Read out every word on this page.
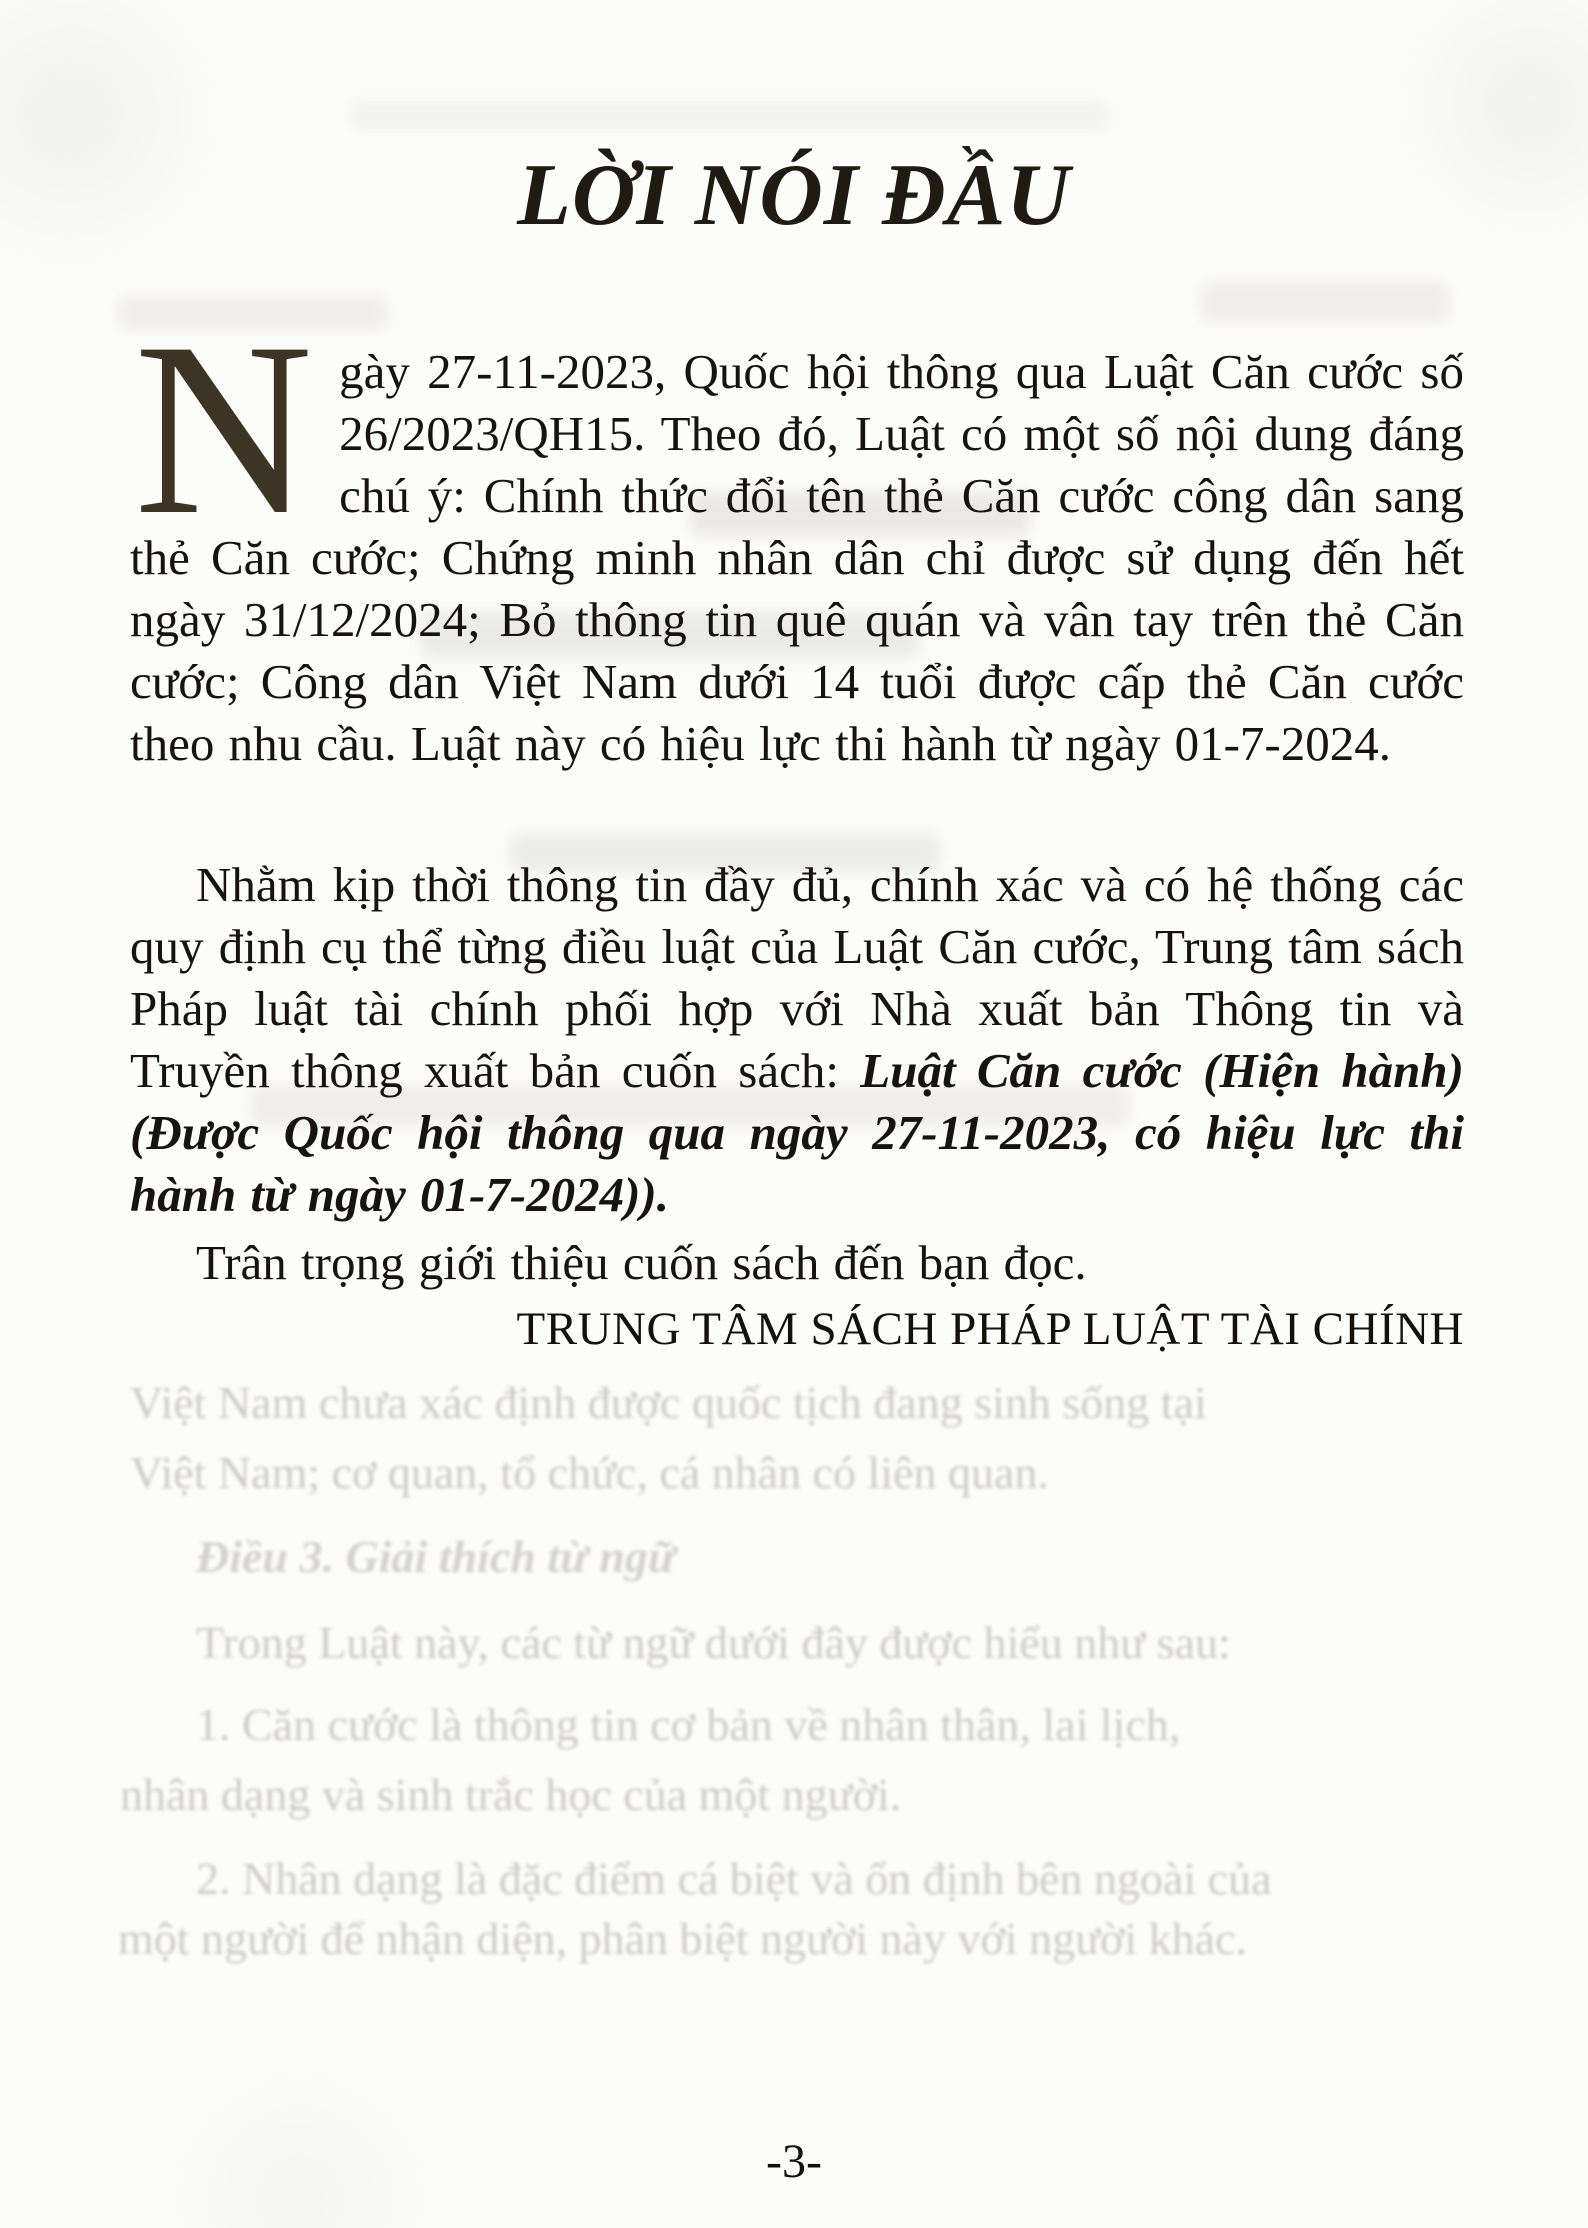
LỜI NÓI ĐẦU
Ngày 27-11-2023, Quốc hội thông qua Luật Căn cước số 26/2023/QH15. Theo đó, Luật có một số nội dung đáng chú ý: Chính thức đổi tên thẻ Căn cước công dân sang thẻ Căn cước; Chứng minh nhân dân chỉ được sử dụng đến hết ngày 31/12/2024; Bỏ thông tin quê quán và vân tay trên thẻ Căn cước; Công dân Việt Nam dưới 14 tuổi được cấp thẻ Căn cước theo nhu cầu. Luật này có hiệu lực thi hành từ ngày 01-7-2024.
Nhằm kịp thời thông tin đầy đủ, chính xác và có hệ thống các quy định cụ thể từng điều luật của Luật Căn cước, Trung tâm sách Pháp luật tài chính phối hợp với Nhà xuất bản Thông tin và Truyền thông xuất bản cuốn sách: Luật Căn cước (Hiện hành) (Được Quốc hội thông qua ngày 27-11-2023, có hiệu lực thi hành từ ngày 01-7-2024)).
Trân trọng giới thiệu cuốn sách đến bạn đọc.
TRUNG TÂM SÁCH PHÁP LUẬT TÀI CHÍNH
Việt Nam chưa xác định được quốc tịch đang sinh sống tại
Việt Nam; cơ quan, tổ chức, cá nhân có liên quan.
Điều 3. Giải thích từ ngữ
Trong Luật này, các từ ngữ dưới đây được hiểu như sau:
1. Căn cước là thông tin cơ bản về nhân thân, lai lịch,
nhân dạng và sinh trắc học của một người.
2. Nhân dạng là đặc điểm cá biệt và ổn định bên ngoài của
một người để nhận diện, phân biệt người này với người khác.
-3-
